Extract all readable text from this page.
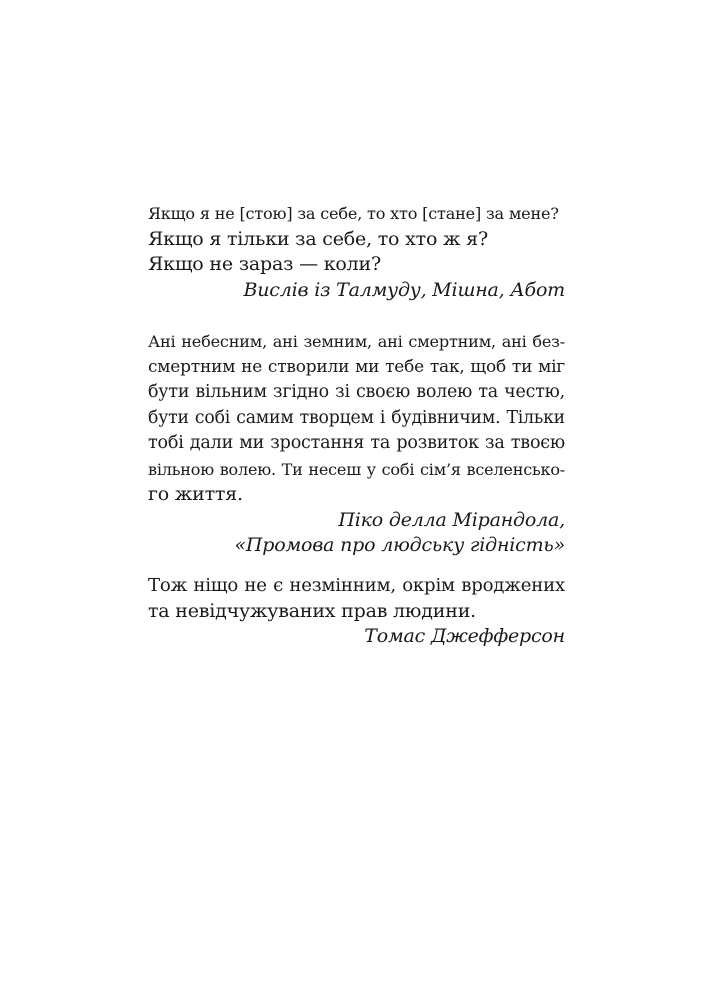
Якщо я не [стою] за себе, то хто [стане] за мене?
Якщо я тільки за себе, то хто ж я?
Якщо не зараз — коли?
Вислів із Талмуду, Мішна, Абот
Ані небесним, ані земним, ані смертним, ані без-
смертним не створили ми тебе так, щоб ти міг
бути вільним згідно зі своєю волею та честю,
бути собі самим творцем і будівничим. Тільки
тобі дали ми зростання та розвиток за твоєю
вільною волею. Ти несеш у собі сім’я вселенсько-
го життя.
Піко делла Мірандола,
«Промова про людську гідність»
Тож ніщо не є незмінним, окрім вроджених
та невідчужуваних прав людини.
Томас Джефферсон
